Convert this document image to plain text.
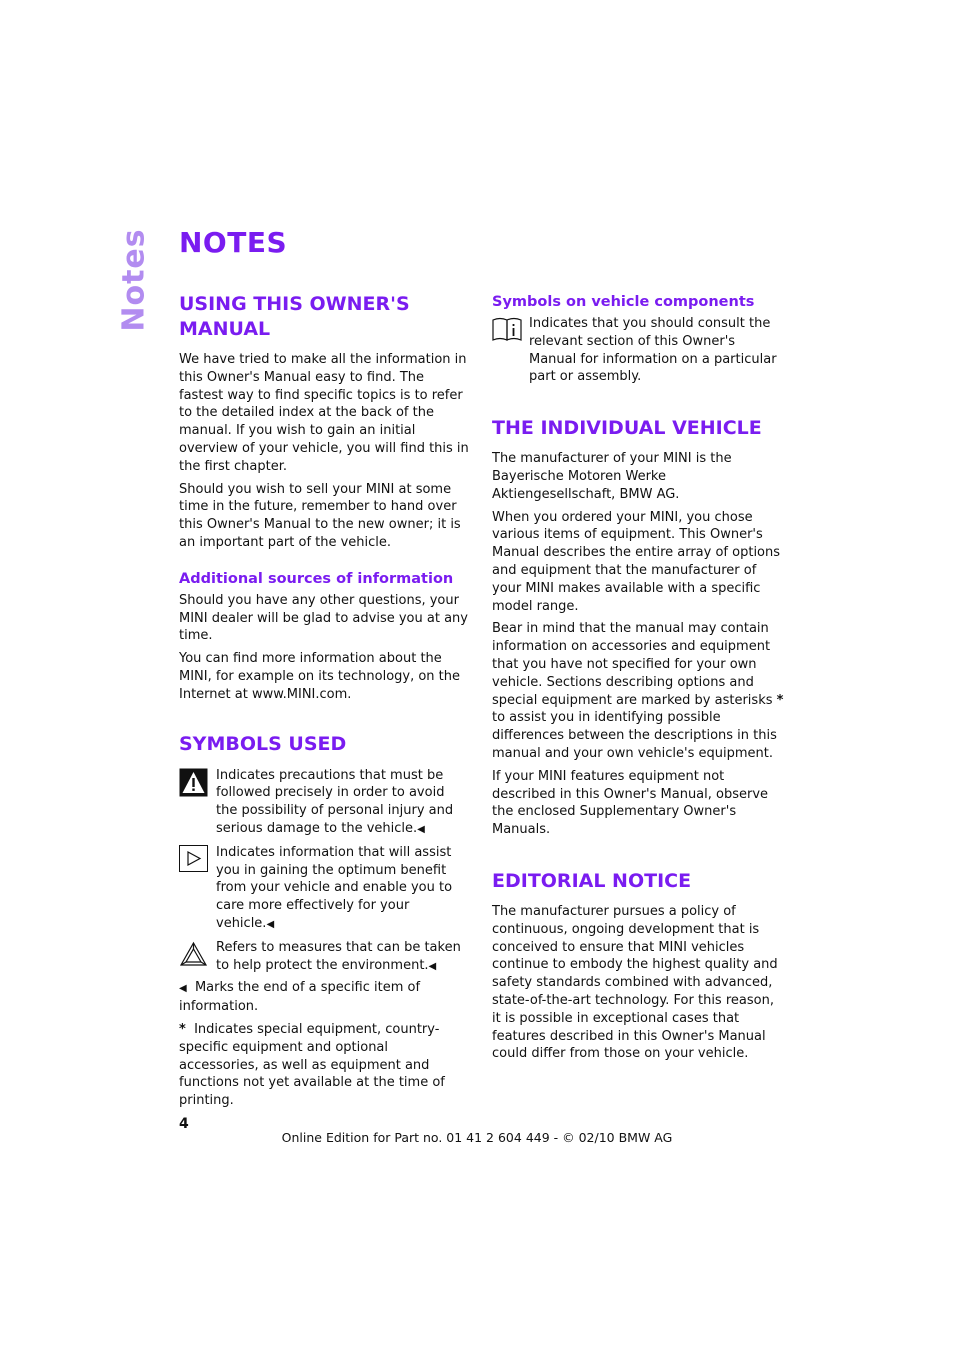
Notes NOTES
USING THIS OWNER'S MANUAL

We have tried to make all the information in this Owner's Manual easy to find. The fastest way to find specific topics is to refer to the detailed index at the back of the manual. If you wish to gain an initial overview of your vehicle, you will find this in the first chapter.

Should you wish to sell your MINI at some time in the future, remember to hand over this Owner's Manual to the new owner; it is an important part of the vehicle.

Additional sources of information

Should you have any other questions, your MINI dealer will be glad to advise you at any time.

You can find more information about the MINI, for example on its technology, on the Internet at www.MINI.com.

SYMBOLS USED

Indicates precautions that must be followed precisely in order to avoid the possibility of personal injury and serious damage to the vehicle.◀

Indicates information that will assist you in gaining the optimum benefit from your vehicle and enable you to care more effectively for your vehicle.◀

Refers to measures that can be taken to help protect the environment.◀

◀ Marks the end of a specific item of information.

* Indicates special equipment, country-specific equipment and optional accessories, as well as equipment and functions not yet available at the time of printing.

Symbols on vehicle components

Indicates that you should consult the relevant section of this Owner's Manual for information on a particular part or assembly.

THE INDIVIDUAL VEHICLE

The manufacturer of your MINI is the Bayerische Motoren Werke Aktiengesellschaft, BMW AG.

When you ordered your MINI, you chose various items of equipment. This Owner's Manual describes the entire array of options and equipment that the manufacturer of your MINI makes available with a specific model range.

Bear in mind that the manual may contain information on accessories and equipment that you have not specified for your own vehicle. Sections describing options and special equipment are marked by asterisks * to assist you in identifying possible differences between the descriptions in this manual and your own vehicle's equipment.

If your MINI features equipment not described in this Owner's Manual, observe the enclosed Supplementary Owner's Manuals.

EDITORIAL NOTICE

The manufacturer pursues a policy of continuous, ongoing development that is conceived to ensure that MINI vehicles continue to embody the highest quality and safety standards combined with advanced, state-of-the-art technology. For this reason, it is possible in exceptional cases that features described in this Owner's Manual could differ from those on your vehicle.

4
Online Edition for Part no. 01 41 2 604 449 - © 02/10 BMW AG
